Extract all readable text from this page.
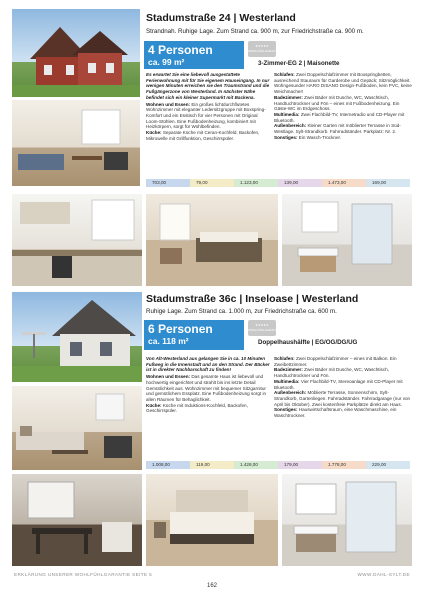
Stadumstraße 24 | Westerland
Strandnah. Ruhige Lage. Zum Strand ca. 900 m, zur Friedrichstraße ca. 900 m.
4 Personen
ca. 99 m²
★★★★★ WOHLFÜHLGARANTIE
3-Zimmer-EG 2 | Maisonette
Es erwartet Sie eine liebevoll ausgestattete Ferienwohnung mit für Sie eigenem Hauseingang. In nur wenigen Minuten erreichen sie den Traumstrand und die Fußgängerzone von Westerland. In nächster Nähe befindet sich ein kleiner Supermarkt mit Backena.
Wohnen und Essen: Ein großes lichtdurchflutetes Wohnzimmer mit eleganter Ledersitzgruppe mit Boxspring-Komfort und ein Esstisch für vier Personen mit Original Loom-Stühlen. Eine Fußbodenheizung, kombiniert mit Heizkörpern, sorgt für Wohlbefinden.
Küche: Separate Küche mit Ceran-Kochfeld, Backofen, Mikrowelle mit Grillfunktion, Geschirrspüler.
Schlafen: Zwei Doppelschlafzimmer mit Boxspringbetten, ausreichend Stauraum für Garderobe und Gepäck; Sitzmöglichkeit. Wohngesunder HARO DISANO Design-Fußboden, kein PVC, keine Weichmacher!
Badezimmer: Zwei Bäder mit Dusche, WC, Waschtisch, Handtuchtrockner und Fön – eines mit Fußbodenheizung. Ein Gäste-WC im Erdgeschoss.
Multimedia: Zwei Flachbild-TV, Internetradio und CD-Player mit Bluetooth.
Außenbereich: Kleiner Garten mit möblierter Terrasse in Süd-Westlage. Sylt-Strandkorb. Fahrradständer. Parkplatz: Nr. 2.
Sonstiges: Ein Wasch-Trockner.
703,00	79,00	1.123,00	139,00	1.473,00	169,00
Stadumstraße 36c | Inseloase | Westerland
Ruhige Lage. Zum Strand ca. 1.000 m, zur Friedrichstraße ca. 600 m.
6 Personen
ca. 118 m²
★★★★★ WOHLFÜHLGARANTIE
Doppelhaushälfte | EG/OG/DG/UG
Von Alt-Westerland aus gelangen Sie in ca. 10 Minuten Fußweg in die Innenstadt und an den Strand. Der Bäcker ist in direkter Nachbarschaft zu finden!
Wohnen und Essen: Das gesamte Haus ist liebevoll und hochwertig eingerichtet und strahlt bis ins letzte Detail Gemütlichkeit aus. Wohnzimmer mit bequemer Sitzgarnitur und gemütlichem Essplatz. Eine Fußbodenheizung sorgt in allen Räumen für Behaglichkeit.
Küche: Küche mit Induktions-Kochfeld, Backofen, Geschirrspüler.
Schlafen: Zwei Doppelschlafzimmer – eines mit Balkon. Ein Zweibettzimmer.
Badezimmer: Zwei Bäder mit Dusche, WC, Waschtisch, Handtuchtrockner und Fön.
Multimedia: Vier Flachbild-TV, Stereoanlage mit CD-Player mit Bluetooth.
Außenbereich: Möblierte Terrasse, Sonnenschirm, Sylt-Strandkorb, Gartenliegen. Fahrradständer. Fahrradgarage (nur von April bis Oktober). Zwei kostenfreie Parkplätze direkt am Haus.
Sonstiges: Hauswirtschaftsraum, eine Waschmaschine, ein Waschtrockner.
1.008,00	119,00	1.428,00	179,00	1.778,00	229,00
ERKLÄRUNG UNSERER WOHLFÜHLGARANTIE SEITE 5	WWW.DAHL-SYLT.DE
162
